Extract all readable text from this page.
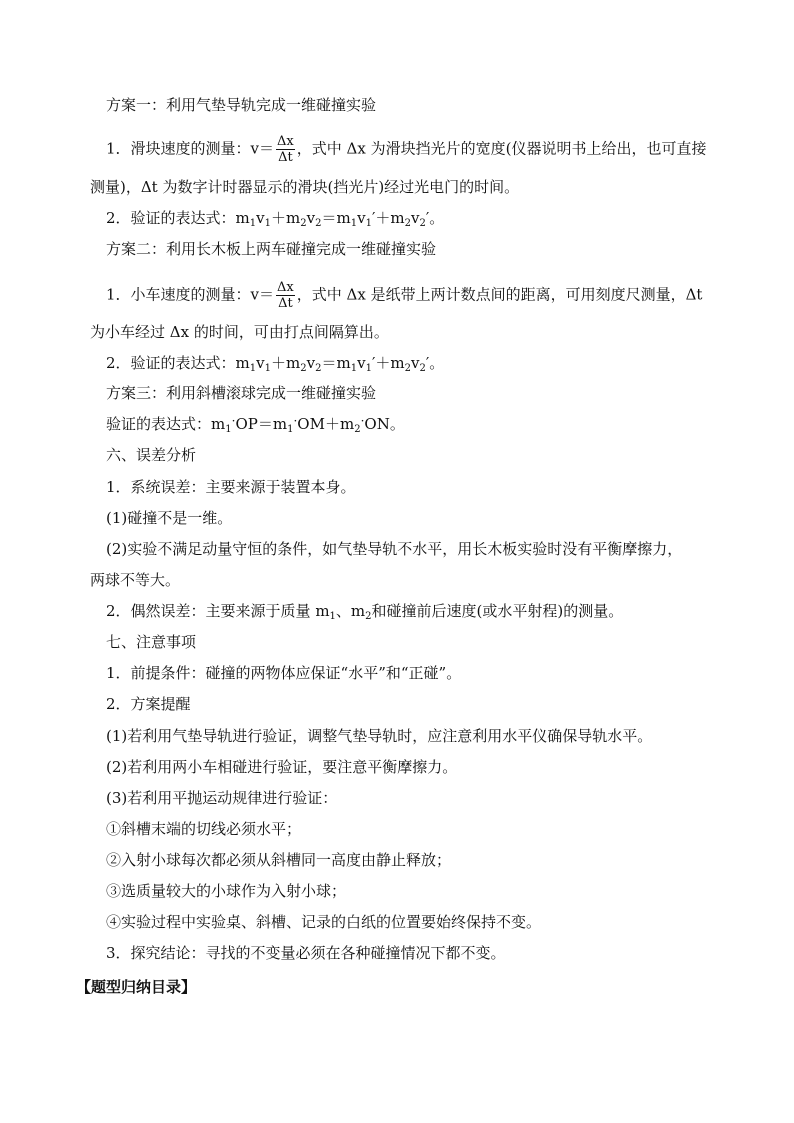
方案一：利用气垫导轨完成一维碰撞实验
1．滑块速度的测量：$v= \frac{\Delta x}{\Delta t}$ ，式中 Δx 为滑块挡光片的宽度(仪器说明书上给出，也可直接
测量)，Δt 为数字计时器显示的滑块(挡光片)经过光电门的时间。
2．验证的表达式：$m_1v_1+m_2v_2=m_1v_1'+m_2v_2'$。
方案二：利用长木板上两车碰撞完成一维碰撞实验
1．小车速度的测量：$v= \frac{\Delta x}{\Delta t}$ ，式中 Δx 是纸带上两计数点间的距离，可用刻度尺测量，Δt
为小车经过 Δx 的时间，可由打点间隔算出。
2．验证的表达式：$m_1v_1+m_2v_2=m_1v_1'+m_2v_2'$。
方案三：利用斜槽滚球完成一维碰撞实验
验证的表达式：$m_1^\cdot OP=m_1^\cdot OM+m_2^\cdot ON$。
六、误差分析
1．系统误差：主要来源于装置本身。
(1)碰撞不是一维。
(2)实验不满足动量守恒的条件，如气垫导轨不水平，用长木板实验时没有平衡摩擦力，
两球不等大。
2．偶然误差：主要来源于质量 $m_1$、$m_2$和碰撞前后速度(或水平射程)的测量。
七、注意事项
1．前提条件：碰撞的两物体应保证“水平”和“正碰”。
2．方案提醒
(1)若利用气垫导轨进行验证，调整气垫导轨时，应注意利用水平仪确保导轨水平。
(2)若利用两小车相碰进行验证，要注意平衡摩擦力。
(3)若利用平抛运动规律进行验证：
①斜槽末端的切线必须水平；
②入射小球每次都必须从斜槽同一高度由静止释放；
③选质量较大的小球作为入射小球；
④实验过程中实验桌、斜槽、记录的白纸的位置要始终保持不变。
3．探究结论：寻找的不变量必须在各种碰撞情况下都不变。
【题型归纳目录】
